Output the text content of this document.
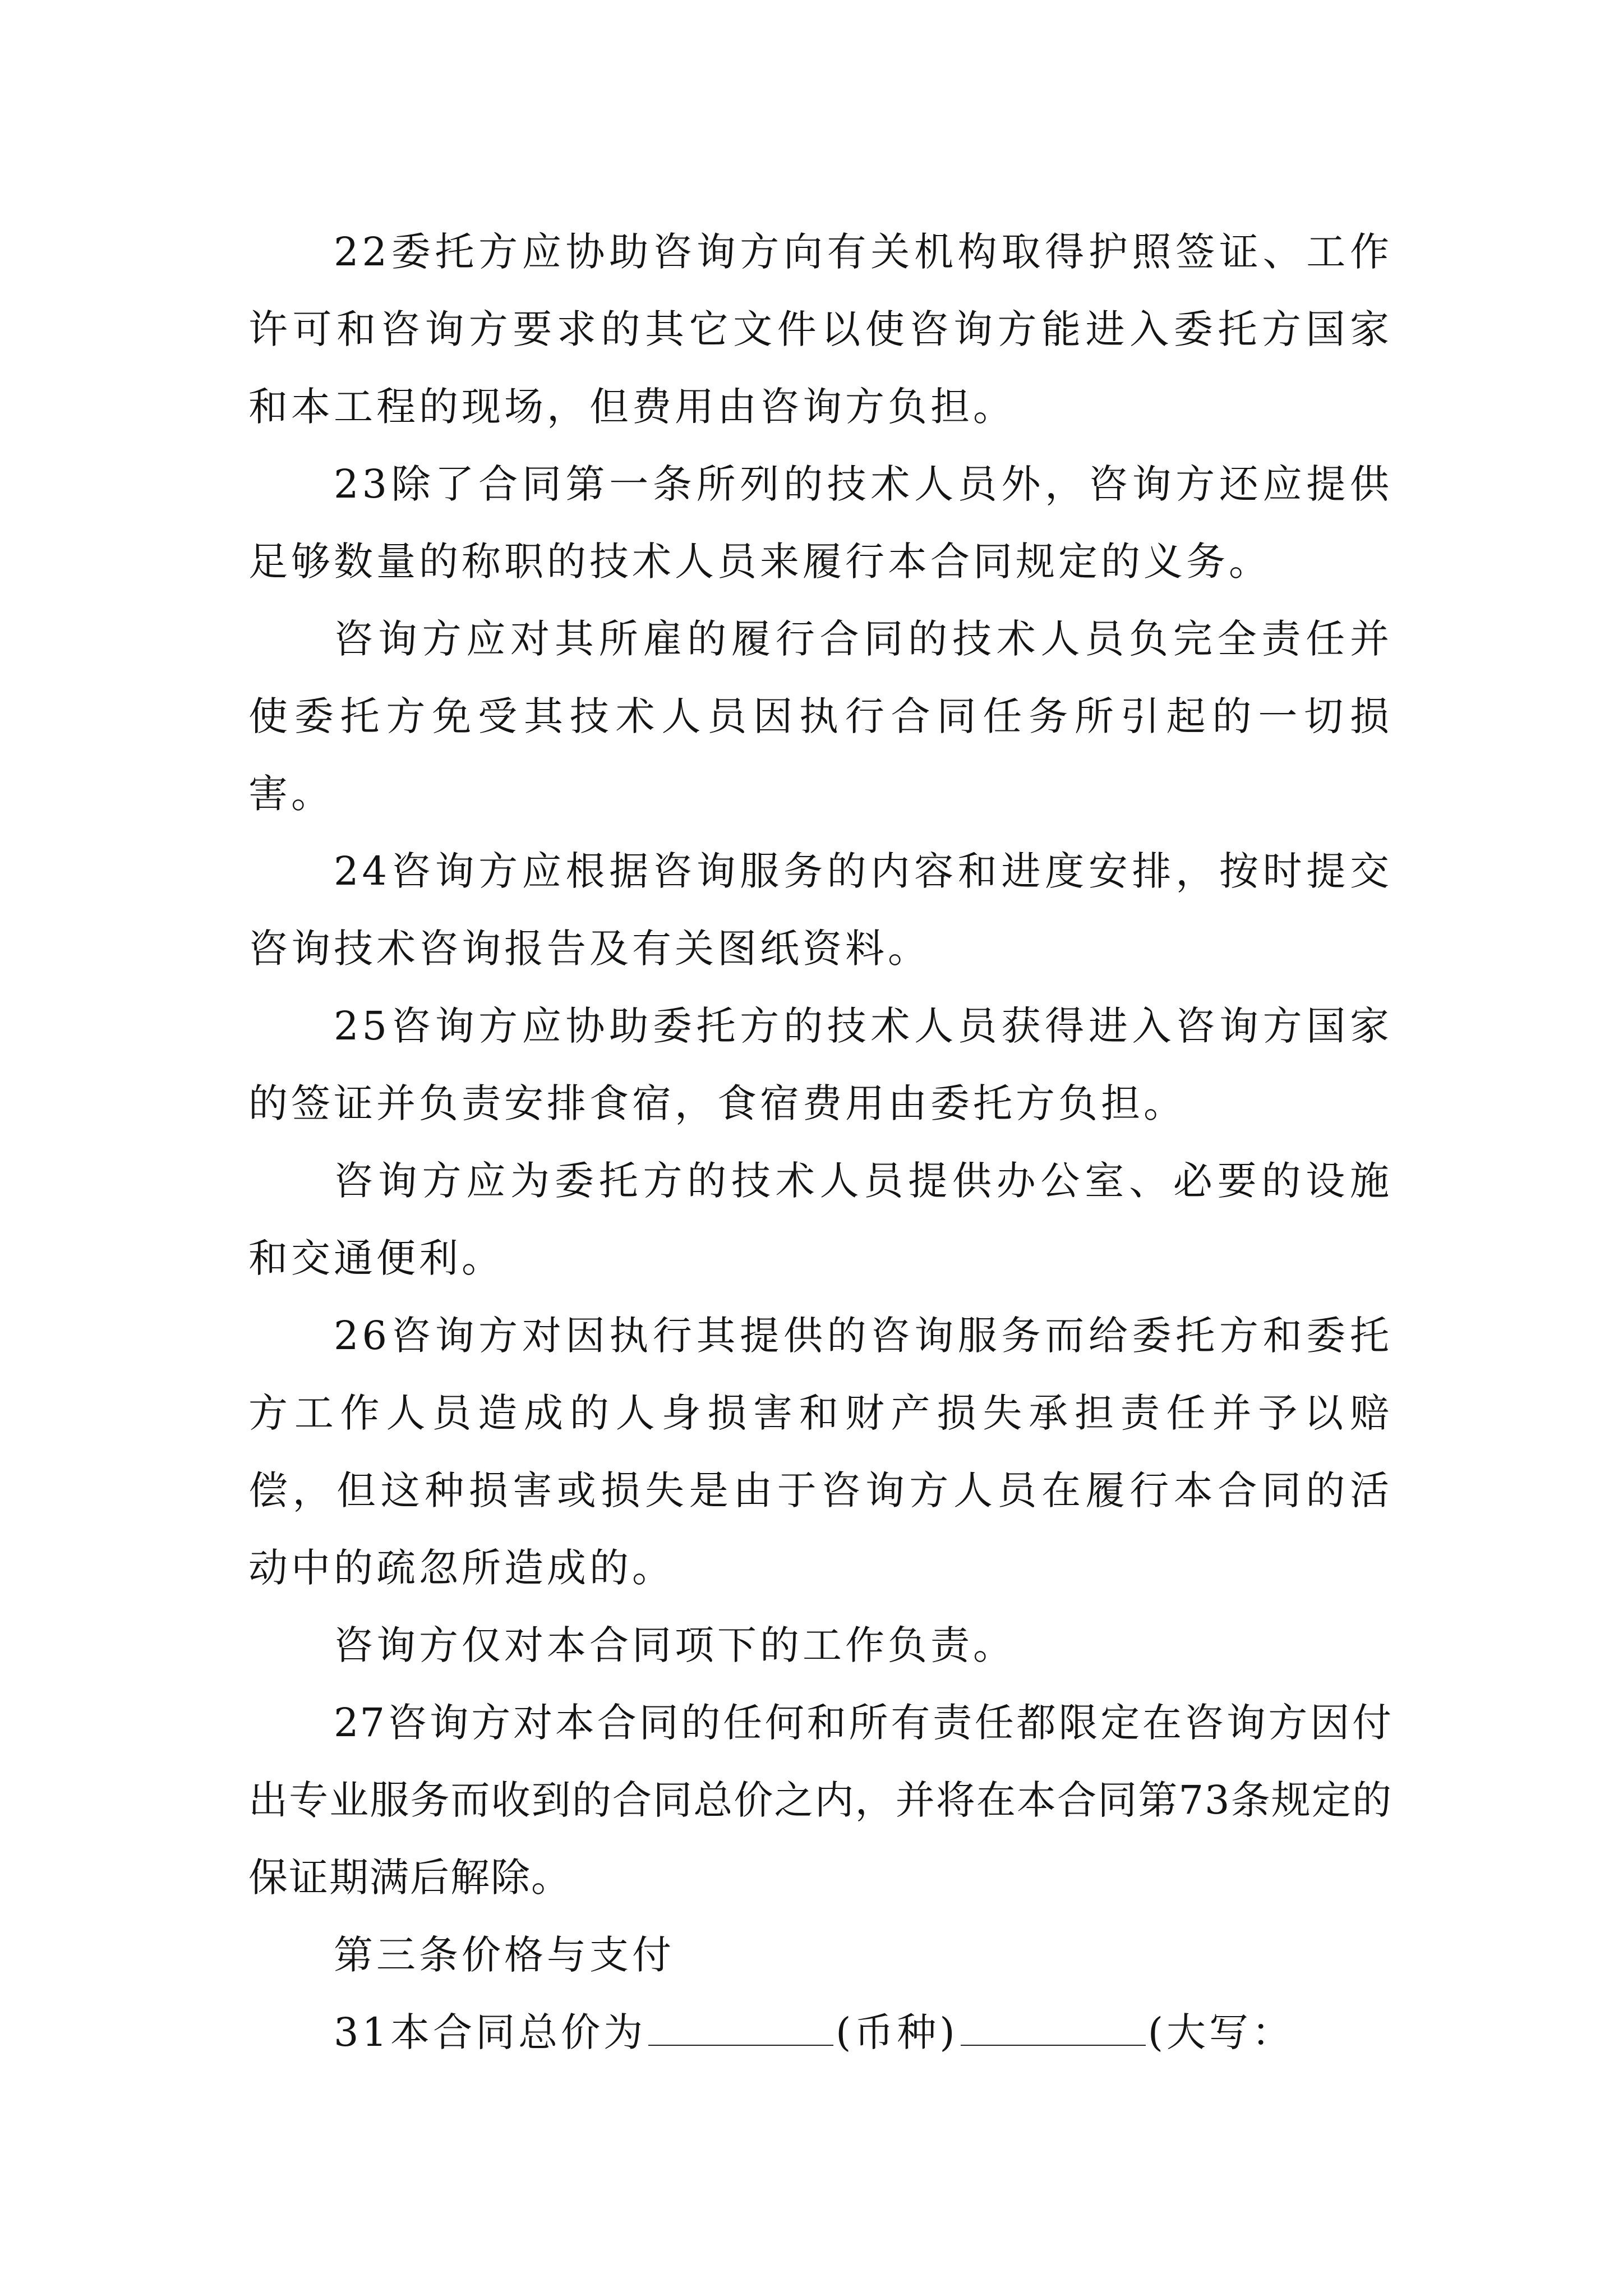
22委托方应协助咨询方向有关机构取得护照签证、工作许可和咨询方要求的其它文件以使咨询方能进入委托方国家和本工程的现场，但费用由咨询方负担。

23除了合同第一条所列的技术人员外，咨询方还应提供足够数量的称职的技术人员来履行本合同规定的义务。

咨询方应对其所雇的履行合同的技术人员负完全责任并使委托方免受其技术人员因执行合同任务所引起的一切损害。

24咨询方应根据咨询服务的内容和进度安排，按时提交咨询技术咨询报告及有关图纸资料。

25咨询方应协助委托方的技术人员获得进入咨询方国家的签证并负责安排食宿，食宿费用由委托方负担。

咨询方应为委托方的技术人员提供办公室、必要的设施和交通便利。

26咨询方对因执行其提供的咨询服务而给委托方和委托方工作人员造成的人身损害和财产损失承担责任并予以赔偿，但这种损害或损失是由于咨询方人员在履行本合同的活动中的疏忽所造成的。

咨询方仅对本合同项下的工作负责。

27咨询方对本合同的任何和所有责任都限定在咨询方因付出专业服务而收到的合同总价之内，并将在本合同第73条规定的保证期满后解除。

第三条价格与支付

31本合同总价为	(币种)	(大写：
